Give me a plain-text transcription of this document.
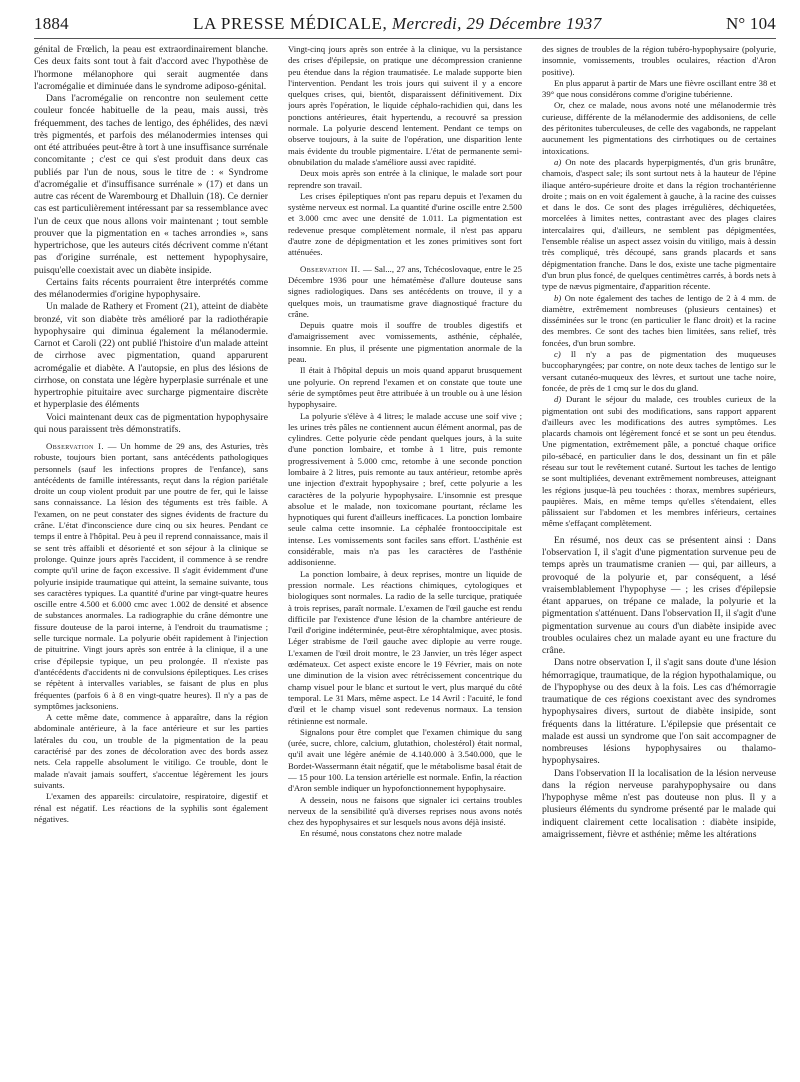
1884	LA PRESSE MÉDICALE, Mercredi, 29 Décembre 1937	N° 104

génital de Frœlich, la peau est extraordinairement blanche. Ces deux faits sont tout à fait d'accord avec l'hypothèse de l'hormone mélanophore qui serait augmentée dans l'acromégalie et diminuée dans le syndrome adiposo-génital.

Dans l'acromégalie on rencontre non seulement cette couleur foncée habituelle de la peau, mais aussi, très fréquemment, des taches de lentigo, des éphélides, des nævi très pigmentés, et parfois des mélanodermies intenses qui ont été attribuées peut-être à tort à une insuffisance surrénale concomitante ; c'est ce qui s'est produit dans deux cas publiés par l'un de nous, sous le titre de : « Syndrome d'acromégalie et d'insuffisance surrénale » (17) et dans un autre cas récent de Warembourg et Dhalluin (18). Ce dernier cas est particulièrement intéressant par sa ressemblance avec l'un de ceux que nous allons voir maintenant ; tout semble prouver que la pigmentation en « taches arrondies », sans hypertrichose, que les auteurs cités décrivent comme n'étant pas d'origine surrénale, est nettement hypophysaire, puisqu'elle coexistait avec un diabète insipide.

Certains faits récents pourraient être interprétés comme des mélanodermies d'origine hypophysaire.

Un malade de Rathery et Froment (21), atteint de diabète bronzé, vit son diabète très amélioré par la radiothérapie hypophysaire qui diminua également la mélanodermie. Carnot et Caroli (22) ont publié l'histoire d'un malade atteint de cirrhose avec pigmentation, quand apparurent acromégalie et diabète. A l'autopsie, en plus des lésions de cirrhose, on constata une légère hyperplasie surrénale et une hypertrophie pituitaire avec surcharge pigmentaire discrète et hyperplasie des éléments

Voici maintenant deux cas de pigmentation hypophysaire qui nous paraissent très démonstratifs.

Observation I. — Un homme de 29 ans, des Asturies, très robuste, toujours bien portant, sans antécédents pathologiques personnels (sauf les infections propres de l'enfance), sans antécédents de famille intéressants, reçut dans la région pariétale droite un coup violent produit par une poutre de fer, qui le laisse sans connaissance. La lésion des téguments est très faible. A l'examen, on ne peut constater des signes évidents de fracture du crâne. L'état d'inconscience dure cinq ou six heures. Pendant ce temps il entre à l'hôpital. Peu à peu il reprend connaissance, mais il se sent très affaibli et désorienté et son séjour à la clinique se prolonge. Quinze jours après l'accident, il commence à se rendre compte qu'il urine de façon excessive. Il s'agit évidemment d'une polyurie insipide traumatique qui atteint, la semaine suivante, tous ses caractères typiques. La quantité d'urine par vingt-quatre heures oscille entre 4.500 et 6.000 cmc avec 1.002 de densité et absence de substances anormales. La radiographie du crâne démontre une fissure douteuse de la paroi interne, à l'endroit du traumatisme ; selle turcique normale. La polyurie obéit rapidement à l'injection de pituitrine. Vingt jours après son entrée à la clinique, il a une crise d'épilepsie typique, un peu prolongée. Il n'existe pas d'antécédents d'accidents ni de convulsions épileptiques. Les crises se répètent à intervalles variables, se faisant de plus en plus fréquentes (parfois 6 à 8 en vingt-quatre heures). Il n'y a pas de symptômes jacksoniens.

A cette même date, commence à apparaître, dans la région abdominale antérieure, à la face antérieure et sur les parties latérales du cou, un trouble de la pigmentation de la peau caractérisé par des zones de décoloration avec des bords assez nets. Cela rappelle absolument le vitiligo. Ce trouble, dont le malade n'avait jamais souffert, s'accentue légèrement les jours suivants.

L'examen des appareils: circulatoire, respiratoire, digestif et rénal est négatif. Les réactions de la syphilis sont également négatives.

Vingt-cinq jours après son entrée à la clinique, vu la persistance des crises d'épilepsie, on pratique une décompression cranienne peu étendue dans la région traumatisée. Le malade supporte bien l'intervention. Pendant les trois jours qui suivent il y a encore quelques crises, qui, bientôt, disparaissent définitivement. Dix jours après l'opération, le liquide céphalo-rachidien qui, dans les ponctions antérieures, était hypertendu, a recouvré sa pression normale. La polyurie descend lentement. Pendant ce temps on observe toujours, à la suite de l'opération, une disparition lente mais évidente du trouble pigmentaire. L'état de permanente semi-obnubilation du malade s'améliore aussi avec rapidité.

Deux mois après son entrée à la clinique, le malade sort pour reprendre son travail.

Les crises épileptiques n'ont pas reparu depuis et l'examen du système nerveux est normal. La quantité d'urine oscille entre 2.500 et 3.000 cmc avec une densité de 1.011. La pigmentation est redevenue presque complètement normale, il n'est pas apparu d'autre zone de dépigmentation et les zones primitives sont fort atténuées.

Observation II. — Sal..., 27 ans, Tchécoslovaque, entre le 25 Décembre 1936 pour une hématémèse d'allure douteuse sans signes radiologiques. Dans ses antécédents on trouve, il y a quelques mois, un traumatisme grave diagnostiqué fracture du crâne.

Depuis quatre mois il souffre de troubles digestifs et d'amaigrissement avec vomissements, asthénie, céphalée, insomnie. En plus, il présente une pigmentation anormale de la peau.

Il était à l'hôpital depuis un mois quand apparut brusquement une polyurie. On reprend l'examen et on constate que toute une série de symptômes peut être attribuée à un trouble ou à une lésion hypophysaire.

La polyurie s'élève à 4 litres; le malade accuse une soif vive ; les urines très pâles ne contiennent aucun élément anormal, pas de cylindres. Cette polyurie cède pendant quelques jours, à la suite d'une ponction lombaire, et tombe à 1 litre, puis remonte progressivement à 5.000 cmc, retombe à une seconde ponction lombaire à 2 litres, puis remonte au taux antérieur, retombe après une injection d'extrait hypophysaire ; bref, cette polyurie a les caractères de la polyurie hypophysaire. L'insomnie est presque absolue et le malade, non toxicomane pourtant, réclame les hypnotiques qui furent d'ailleurs inefficaces. La ponction lombaire seule calma cette insomnie. La céphalée frontooccipitale est intense. Les vomissements sont faciles sans effort. L'asthénie est considérable, mais n'a pas les caractères de l'asthénie addisonienne.

La ponction lombaire, à deux reprises, montre un liquide de pression normale. Les réactions chimiques, cytologiques et biologiques sont normales. La radio de la selle turcique, pratiquée à trois reprises, paraît normale. L'examen de l'œil gauche est rendu difficile par l'existence d'une lésion de la chambre antérieure de l'œil d'origine indéterminée, peut-être xérophtalmique, avec ptosis. Léger strabisme de l'œil gauche avec diplopie au verre rouge. L'examen de l'œil droit montre, le 23 Janvier, un très léger aspect œdémateux. Cet aspect existe encore le 19 Février, mais on note une diminution de la vision avec rétrécissement concentrique du champ visuel pour le blanc et surtout le vert, plus marqué du côté temporal. Le 31 Mars, même aspect. Le 14 Avril : l'acuité, le fond d'œil et le champ visuel sont redevenus normaux. La tension rétinienne est normale.

Signalons pour être complet que l'examen chimique du sang (urée, sucre, chlore, calcium, glutathion, cholestérol) était normal, qu'il avait une légère anémie de 4.140.000 à 3.540.000, que le Bordet-Wassermann était négatif, que le métabolisme basal était de — 15 pour 100. La tension artérielle est normale. Enfin, la réaction d'Aron semble indiquer un hypofonctionnement hypophysaire.

A dessein, nous ne faisons que signaler ici certains troubles nerveux de la sensibilité qu'à diverses reprises nous avons notés chez des hypophysaires et sur lesquels nous avons déjà insisté.

En résumé, nous constatons chez notre malade

des signes de troubles de la région tubéro-hypophysaire (polyurie, insomnie, vomissements, troubles oculaires, réaction d'Aron positive).

En plus apparut à partir de Mars une fièvre oscillant entre 38 et 39° que nous considérons comme d'origine tubérienne.

Or, chez ce malade, nous avons noté une mélanodermie très curieuse, différente de la mélanodermie des addisoniens, de celle des péritonites tuberculeuses, de celle des vagabonds, ne rappelant aucunement les pigmentations des cirrhotiques ou de certaines intoxications.

a) On note des placards hyperpigmentés, d'un gris brunâtre, chamois, d'aspect sale; ils sont surtout nets à la hauteur de l'épine iliaque antéro-supérieure droite et dans la région trochantérienne droite ; mais on en voit également à gauche, à la racine des cuisses et dans le dos. Ce sont des plages irrégulières, déchiquetées, morcelées à limites nettes, contrastant avec des plages claires intercalaires qui, d'ailleurs, ne semblent pas dépigmentées, l'ensemble réalise un aspect assez voisin du vitiligo, mais à dessin très compliqué, très découpé, sans grands placards et sans dépigmentation franche. Dans le dos, existe une tache pigmentaire d'un brun plus foncé, de quelques centimètres carrés, à bords nets à type de nævus pigmentaire, d'apparition récente.

b) On note également des taches de lentigo de 2 à 4 mm. de diamètre, extrêmement nombreuses (plusieurs centaines) et disséminées sur le tronc (en particulier le flanc droit) et la racine des membres. Ce sont des taches bien limitées, sans relief, très foncées, d'un brun sombre.

c) Il n'y a pas de pigmentation des muqueuses buccopharyngées; par contre, on note deux taches de lentigo sur le versant cutanéo-muqueux des lèvres, et surtout une tache noire, foncée, de près de 1 cmq sur le dos du gland.

d) Durant le séjour du malade, ces troubles curieux de la pigmentation ont subi des modifications, sans rapport apparent d'ailleurs avec les modifications des autres symptômes. Les placards chamois ont légèrement foncé et se sont un peu étendus. Une pigmentation, extrêmement pâle, a ponctué chaque orifice pilo-sébacé, en particulier dans le dos, dessinant un fin et pâle réseau sur tout le revêtement cutané. Surtout les taches de lentigo se sont multipliées, devenant extrêmement nombreuses, atteignant les régions jusque-là peu touchées : thorax, membres supérieurs, paupières. Mais, en même temps qu'elles s'étendaient, elles pâlissaient sur l'abdomen et les membres inférieurs, certaines même s'effaçant complètement.

En résumé, nos deux cas se présentent ainsi : Dans l'observation I, il s'agit d'une pigmentation survenue peu de temps après un traumatisme cranien — qui, par ailleurs, a provoqué de la polyurie et, par conséquent, a lésé vraisemblablement l'hypophyse — ; les crises d'épilepsie étant apparues, on trépane ce malade, la polyurie et la pigmentation s'atténuent. Dans l'observation II, il s'agit d'une pigmentation survenue au cours d'un diabète insipide avec troubles oculaires chez un malade ayant eu une fracture du crâne.

Dans notre observation I, il s'agit sans doute d'une lésion hémorragique, traumatique, de la région hypothalamique, ou de l'hypophyse ou des deux à la fois. Les cas d'hémorragie traumatique de ces régions coexistant avec des syndromes hypophysaires divers, surtout de diabète insipide, sont fréquents dans la littérature. L'épilepsie que présentait ce malade est aussi un syndrome que l'on sait accompagner de nombreuses lésions hypophysaires ou thalamo-hypophysaires.

Dans l'observation II la localisation de la lésion nerveuse dans la région nerveuse parahypophysaire ou dans l'hypophyse même n'est pas douteuse non plus. Il y a plusieurs éléments du syndrome présenté par le malade qui indiquent clairement cette localisation : diabète insipide, amaigrissement, fièvre et asthénie; même les altérations
